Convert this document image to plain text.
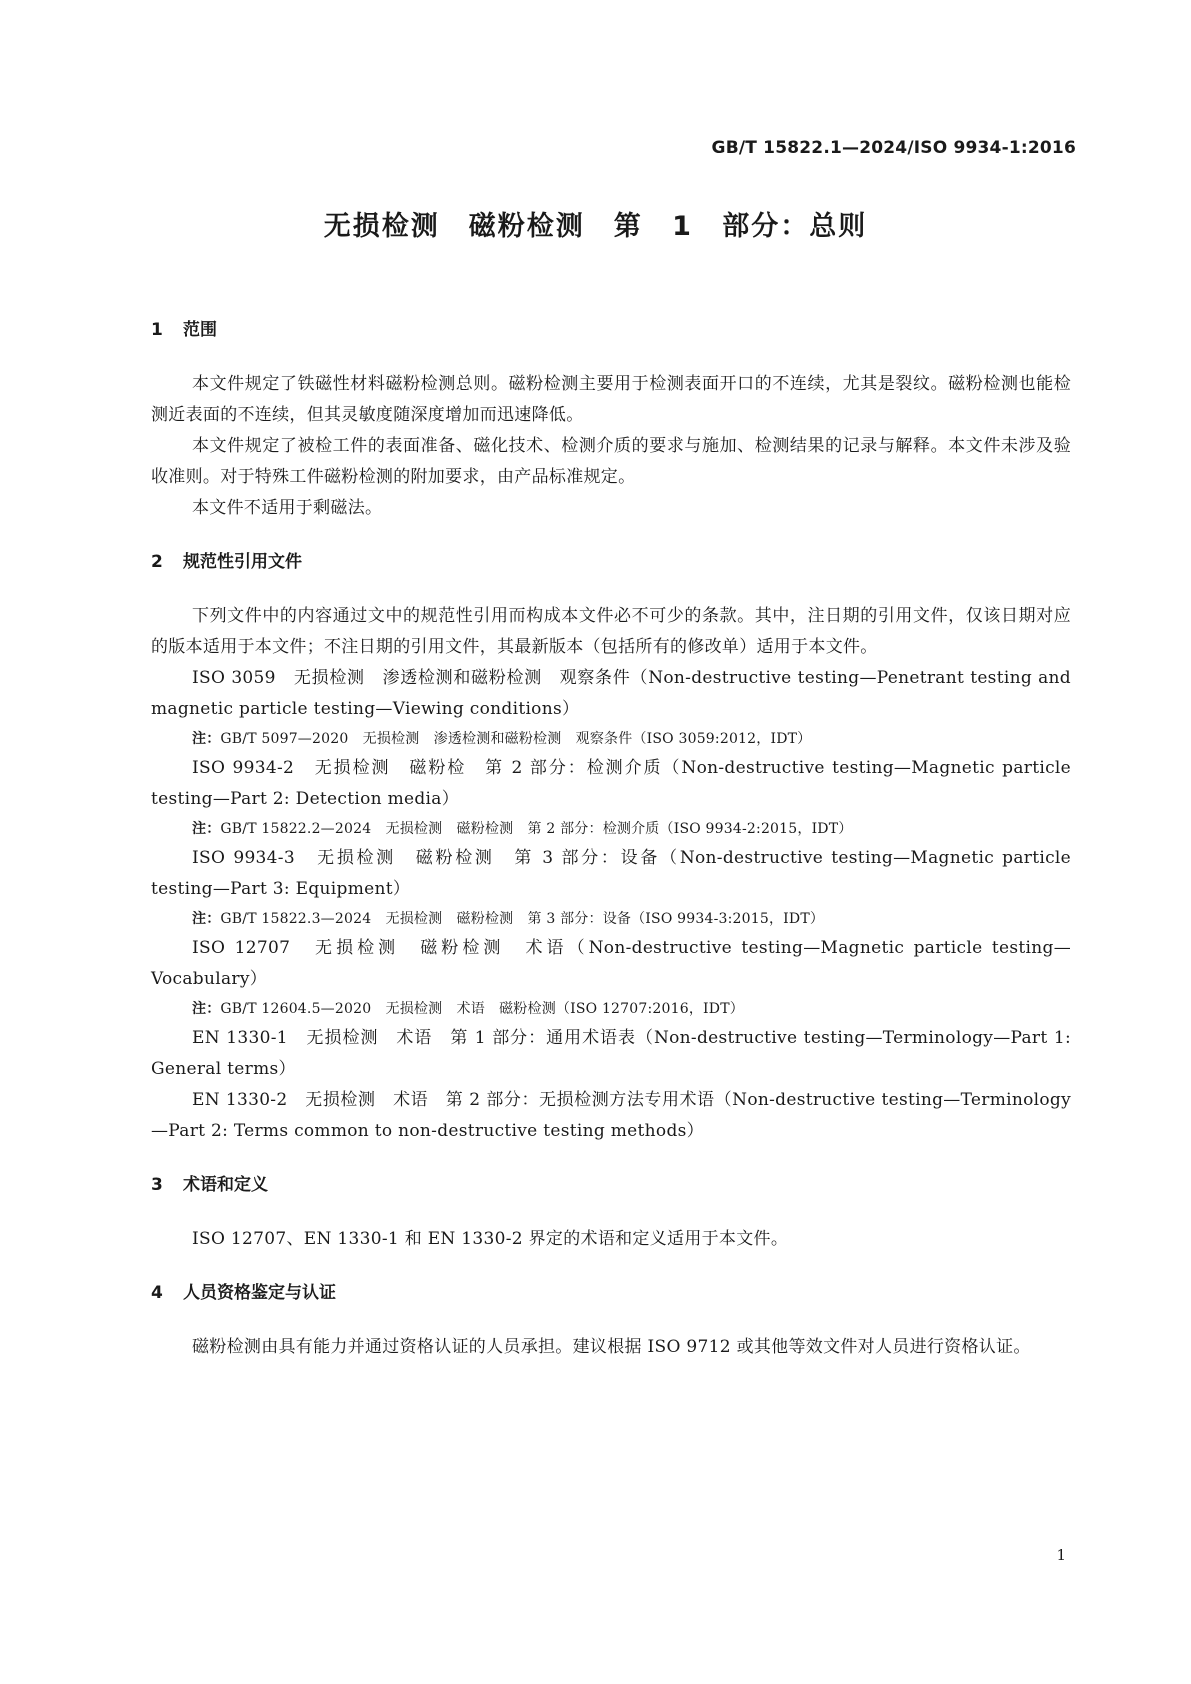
GB/T 15822.1—2024/ISO 9934-1:2016
无损检测　磁粉检测　第 1 部分：总则

1 范围

本文件规定了铁磁性材料磁粉检测总则。磁粉检测主要用于检测表面开口的不连续，尤其是裂纹。磁粉检测也能检测近表面的不连续，但其灵敏度随深度增加而迅速降低。

本文件规定了被检工件的表面准备、磁化技术、检测介质的要求与施加、检测结果的记录与解释。本文件未涉及验收准则。对于特殊工件磁粉检测的附加要求，由产品标准规定。

本文件不适用于剩磁法。

2 规范性引用文件

下列文件中的内容通过文中的规范性引用而构成本文件必不可少的条款。其中，注日期的引用文件，仅该日期对应的版本适用于本文件；不注日期的引用文件，其最新版本（包括所有的修改单）适用于本文件。

ISO 3059　无损检测　渗透检测和磁粉检测　观察条件（Non-destructive testing—Penetrant testing and magnetic particle testing—Viewing conditions）

注：GB/T 5097—2020　无损检测　渗透检测和磁粉检测　观察条件（ISO 3059:2012，IDT）

ISO 9934-2　无损检测　磁粉检　第 2 部分：检测介质（Non-destructive testing—Magnetic particle testing—Part 2: Detection media）

注：GB/T 15822.2—2024　无损检测　磁粉检测　第 2 部分：检测介质（ISO 9934-2:2015，IDT）

ISO 9934-3　无损检测　磁粉检测　第 3 部分：设备（Non-destructive testing—Magnetic particle testing—Part 3: Equipment）

注：GB/T 15822.3—2024　无损检测　磁粉检测　第 3 部分：设备（ISO 9934-3:2015，IDT）

ISO 12707　无损检测　磁粉检测　术语（Non-destructive testing—Magnetic particle testing—Vocabulary）

注：GB/T 12604.5—2020　无损检测　术语　磁粉检测（ISO 12707:2016，IDT）

EN 1330-1　无损检测　术语　第 1 部分：通用术语表（Non-destructive testing—Terminology—Part 1: General terms）

EN 1330-2　无损检测　术语　第 2 部分：无损检测方法专用术语（Non-destructive testing—Terminology—Part 2: Terms common to non-destructive testing methods）

3 术语和定义

ISO 12707、EN 1330-1 和 EN 1330-2 界定的术语和定义适用于本文件。

4 人员资格鉴定与认证

磁粉检测由具有能力并通过资格认证的人员承担。建议根据 ISO 9712 或其他等效文件对人员进行资格认证。

1
